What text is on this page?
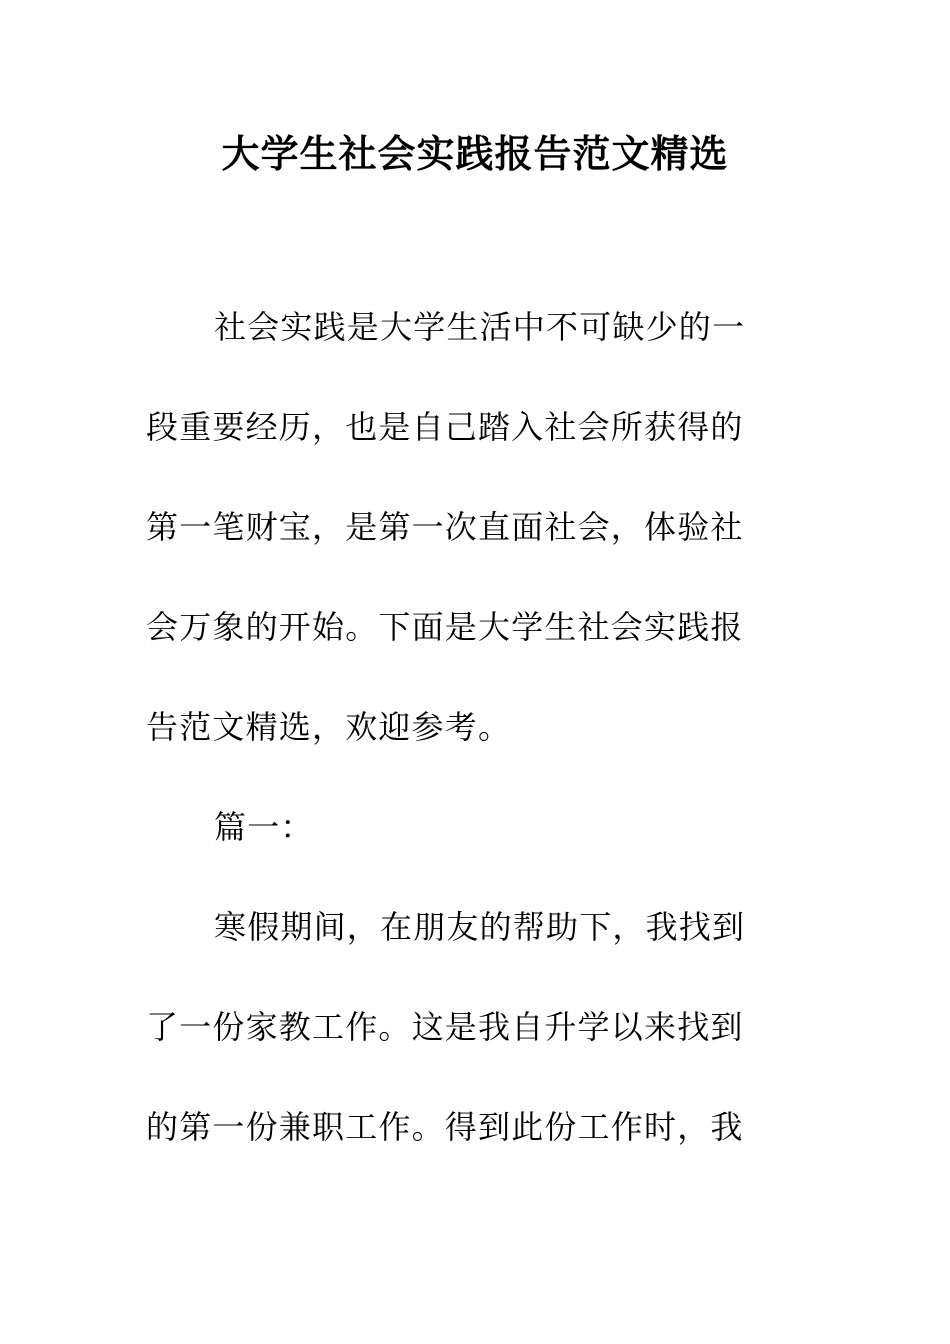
大学生社会实践报告范文精选
社会实践是大学生活中不可缺少的一
段重要经历，也是自己踏入社会所获得的
第一笔财宝，是第一次直面社会，体验社
会万象的开始。下面是大学生社会实践报
告范文精选，欢迎参考。
篇一：
寒假期间，在朋友的帮助下，我找到
了一份家教工作。这是我自升学以来找到
的第一份兼职工作。得到此份工作时，我
